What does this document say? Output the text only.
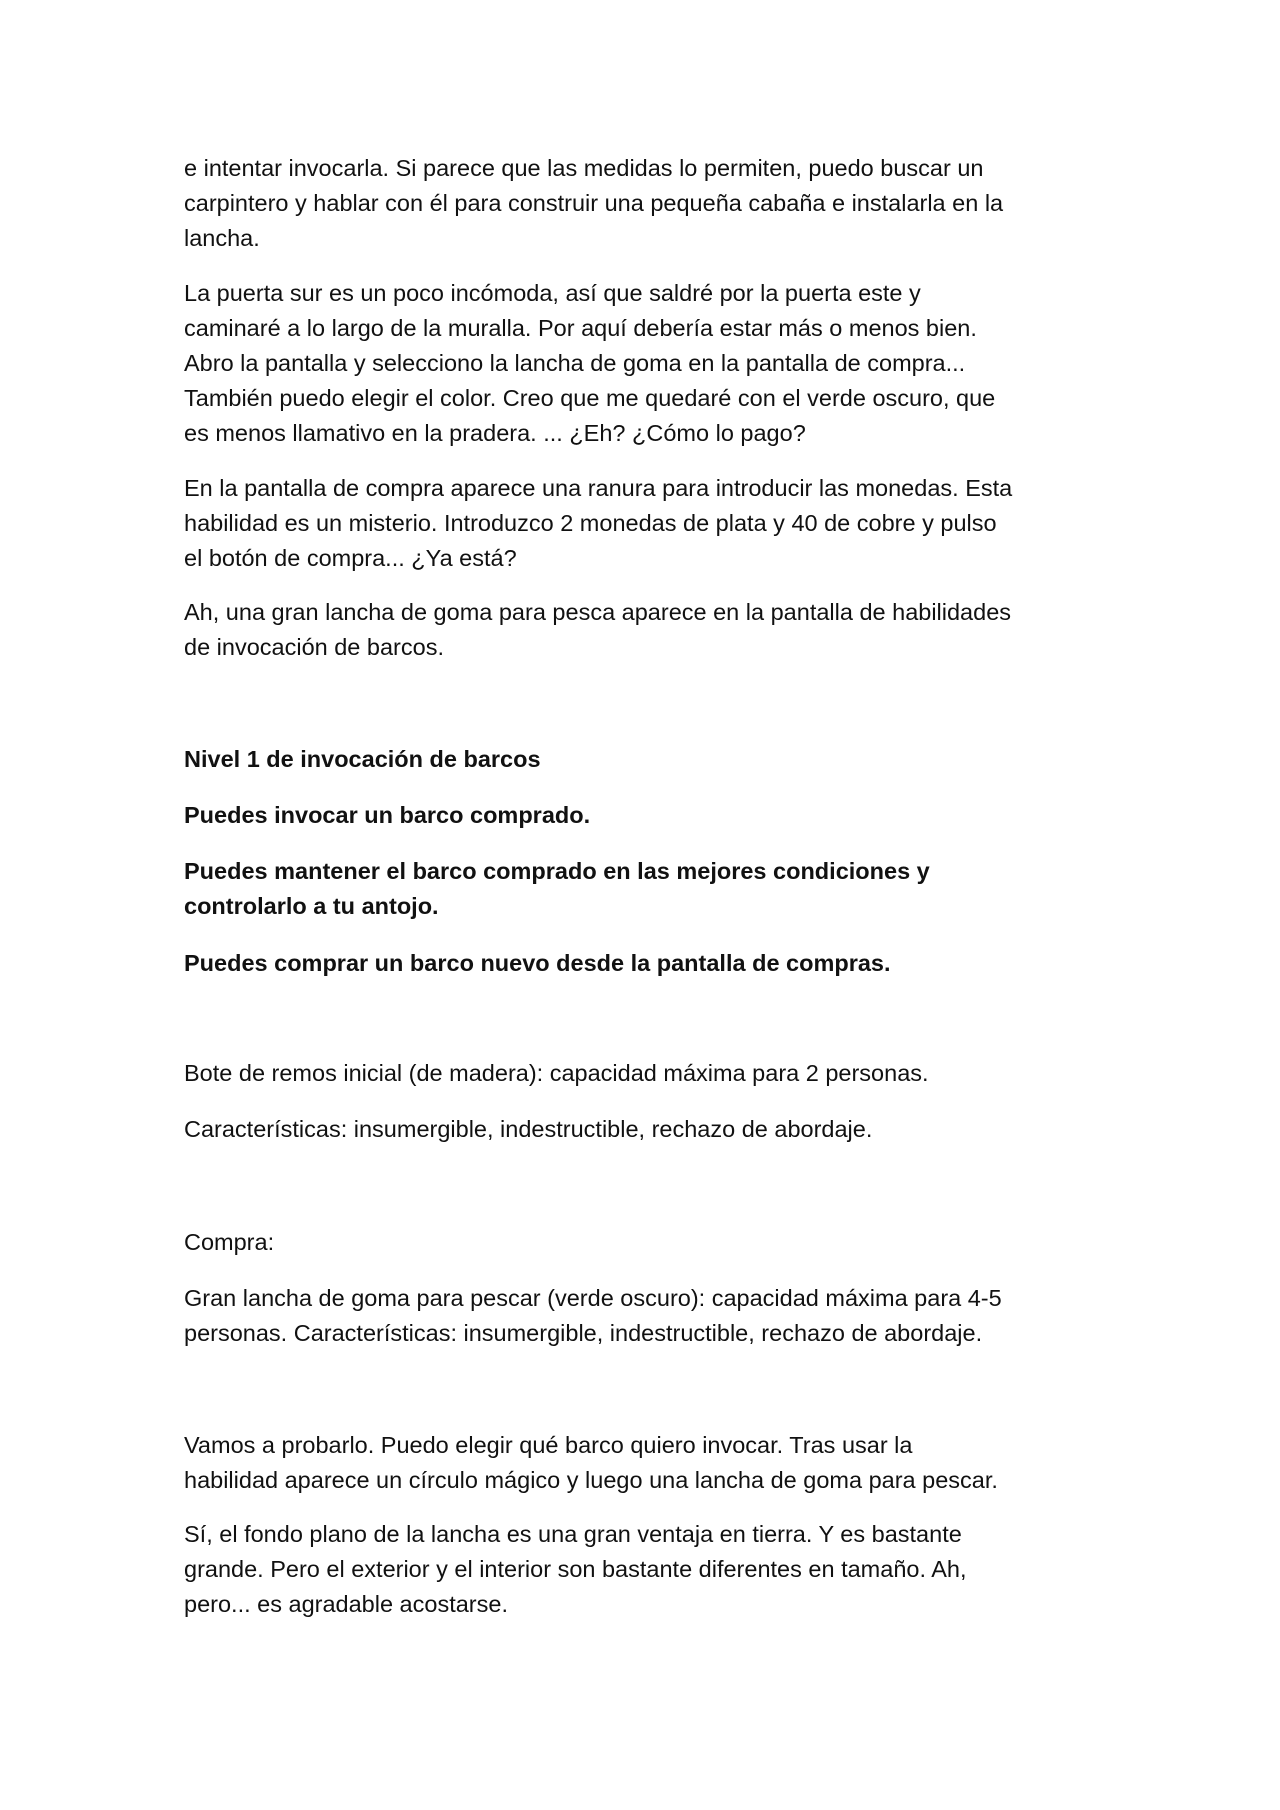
e intentar invocarla. Si parece que las medidas lo permiten, puedo buscar un
carpintero y hablar con él para construir una pequeña cabaña e instalarla en la
lancha.

La puerta sur es un poco incómoda, así que saldré por la puerta este y
caminaré a lo largo de la muralla. Por aquí debería estar más o menos bien.
Abro la pantalla y selecciono la lancha de goma en la pantalla de compra...
También puedo elegir el color. Creo que me quedaré con el verde oscuro, que
es menos llamativo en la pradera. ... ¿Eh? ¿Cómo lo pago?

En la pantalla de compra aparece una ranura para introducir las monedas. Esta
habilidad es un misterio. Introduzco 2 monedas de plata y 40 de cobre y pulso
el botón de compra... ¿Ya está?

Ah, una gran lancha de goma para pesca aparece en la pantalla de habilidades
de invocación de barcos.

Nivel 1 de invocación de barcos

Puedes invocar un barco comprado.

Puedes mantener el barco comprado en las mejores condiciones y
controlarlo a tu antojo.

Puedes comprar un barco nuevo desde la pantalla de compras.

Bote de remos inicial (de madera): capacidad máxima para 2 personas.

Características: insumergible, indestructible, rechazo de abordaje.

Compra:

Gran lancha de goma para pescar (verde oscuro): capacidad máxima para 4-5
personas. Características: insumergible, indestructible, rechazo de abordaje.

Vamos a probarlo. Puedo elegir qué barco quiero invocar. Tras usar la
habilidad aparece un círculo mágico y luego una lancha de goma para pescar.

Sí, el fondo plano de la lancha es una gran ventaja en tierra. Y es bastante
grande. Pero el exterior y el interior son bastante diferentes en tamaño. Ah,
pero... es agradable acostarse.
